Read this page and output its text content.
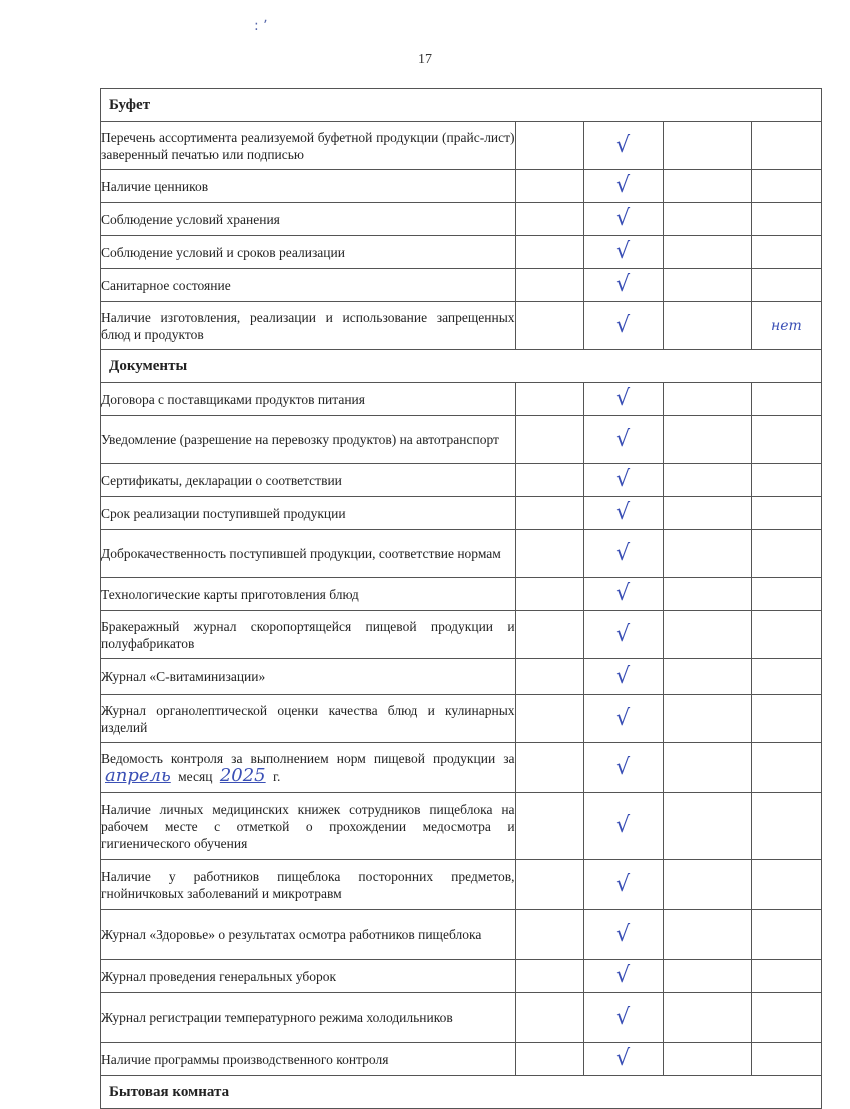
: ʼ
17
Буфет				
Перечень ассортимента реализуемой буфетной продукции (прайс-лист) заверенный печатью или подписью		√		
Наличие ценников		√		
Соблюдение условий хранения		√		
Соблюдение условий и сроков реализации		√		
Санитарное состояние		√		
Наличие изготовления, реализации и использование запрещенных блюд и продуктов		√		нет
Документы				
Договора с поставщиками продуктов питания		√		
Уведомление (разрешение на перевозку продуктов) на автотранспорт		√		
Сертификаты, декларации о соответствии		√		
Срок реализации поступившей продукции		√		
Доброкачественность поступившей продукции, соответствие нормам		√		
Технологические карты приготовления блюд		√		
Бракеражный журнал скоропортящейся пищевой продукции и полуфабрикатов		√		
Журнал «С-витаминизации»		√		
Журнал органолептической оценки качества блюд и кулинарных изделий		√		
Ведомость контроля за выполнением норм пищевой продукции за апрель месяц 2025 г.		√		
Наличие личных медицинских книжек сотрудников пищеблока на рабочем месте с отметкой о прохождении медосмотра и гигиенического обучения		√		
Наличие у работников пищеблока посторонних предметов, гнойничковых заболеваний и микротравм		√		
Журнал «Здоровье» о результатах осмотра работников пищеблока		√		
Журнал проведения генеральных уборок		√		
Журнал регистрации температурного режима холодильников		√		
Наличие программы производственного контроля		√		
Бытовая комната				
